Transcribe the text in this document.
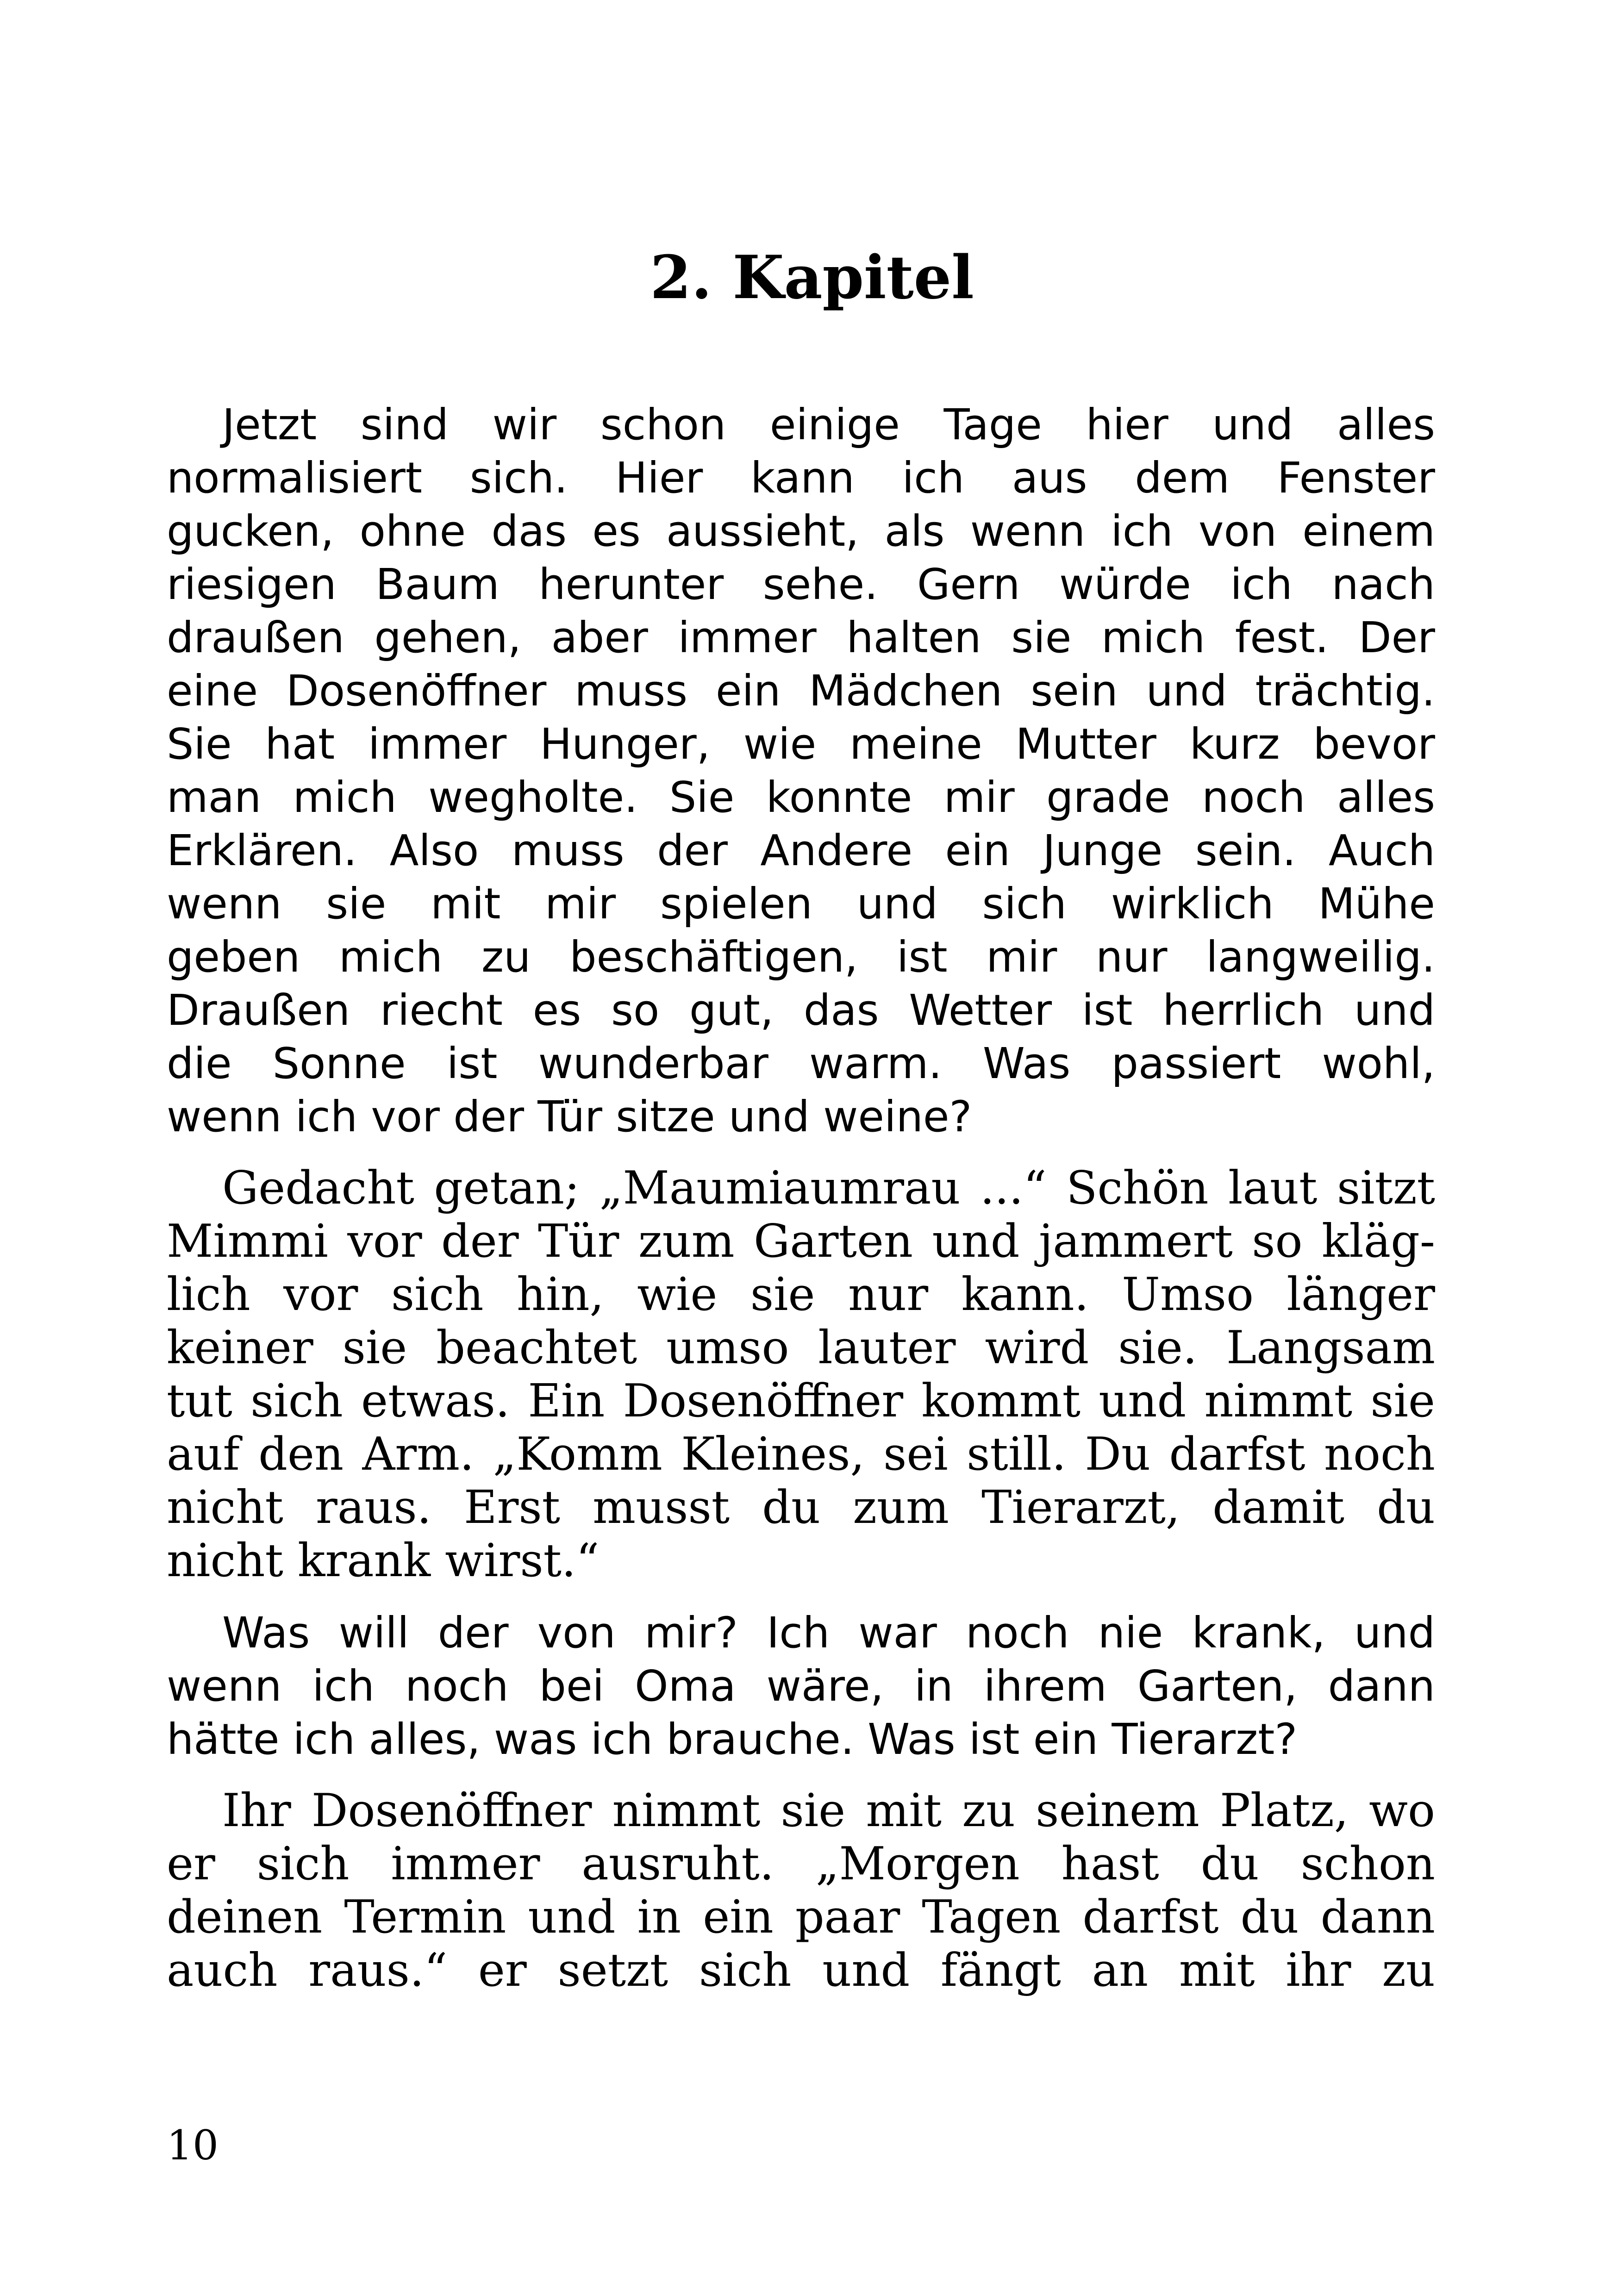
2. Kapitel

Jetzt sind wir schon einige Tage hier und alles
normalisiert sich. Hier kann ich aus dem Fenster
gucken, ohne das es aussieht, als wenn ich von einem
riesigen Baum herunter sehe. Gern würde ich nach
draußen gehen, aber immer halten sie mich fest. Der
eine Dosenöffner muss ein Mädchen sein und trächtig.
Sie hat immer Hunger, wie meine Mutter kurz bevor
man mich wegholte. Sie konnte mir grade noch alles
Erklären. Also muss der Andere ein Junge sein. Auch
wenn sie mit mir spielen und sich wirklich Mühe
geben mich zu beschäftigen, ist mir nur langweilig.
Draußen riecht es so gut, das Wetter ist herrlich und
die Sonne ist wunderbar warm. Was passiert wohl,
wenn ich vor der Tür sitze und weine?

Gedacht getan; „Maumiaumrau ...“ Schön laut sitzt
Mimmi vor der Tür zum Garten und jammert so kläg-
lich vor sich hin, wie sie nur kann. Umso länger
keiner sie beachtet umso lauter wird sie. Langsam
tut sich etwas. Ein Dosenöffner kommt und nimmt sie
auf den Arm. „Komm Kleines, sei still. Du darfst noch
nicht raus. Erst musst du zum Tierarzt, damit du
nicht krank wirst.“

Was will der von mir? Ich war noch nie krank, und
wenn ich noch bei Oma wäre, in ihrem Garten, dann
hätte ich alles, was ich brauche. Was ist ein Tierarzt?

Ihr Dosenöffner nimmt sie mit zu seinem Platz, wo
er sich immer ausruht. „Morgen hast du schon
deinen Termin und in ein paar Tagen darfst du dann
auch raus.“ er setzt sich und fängt an mit ihr zu

10
